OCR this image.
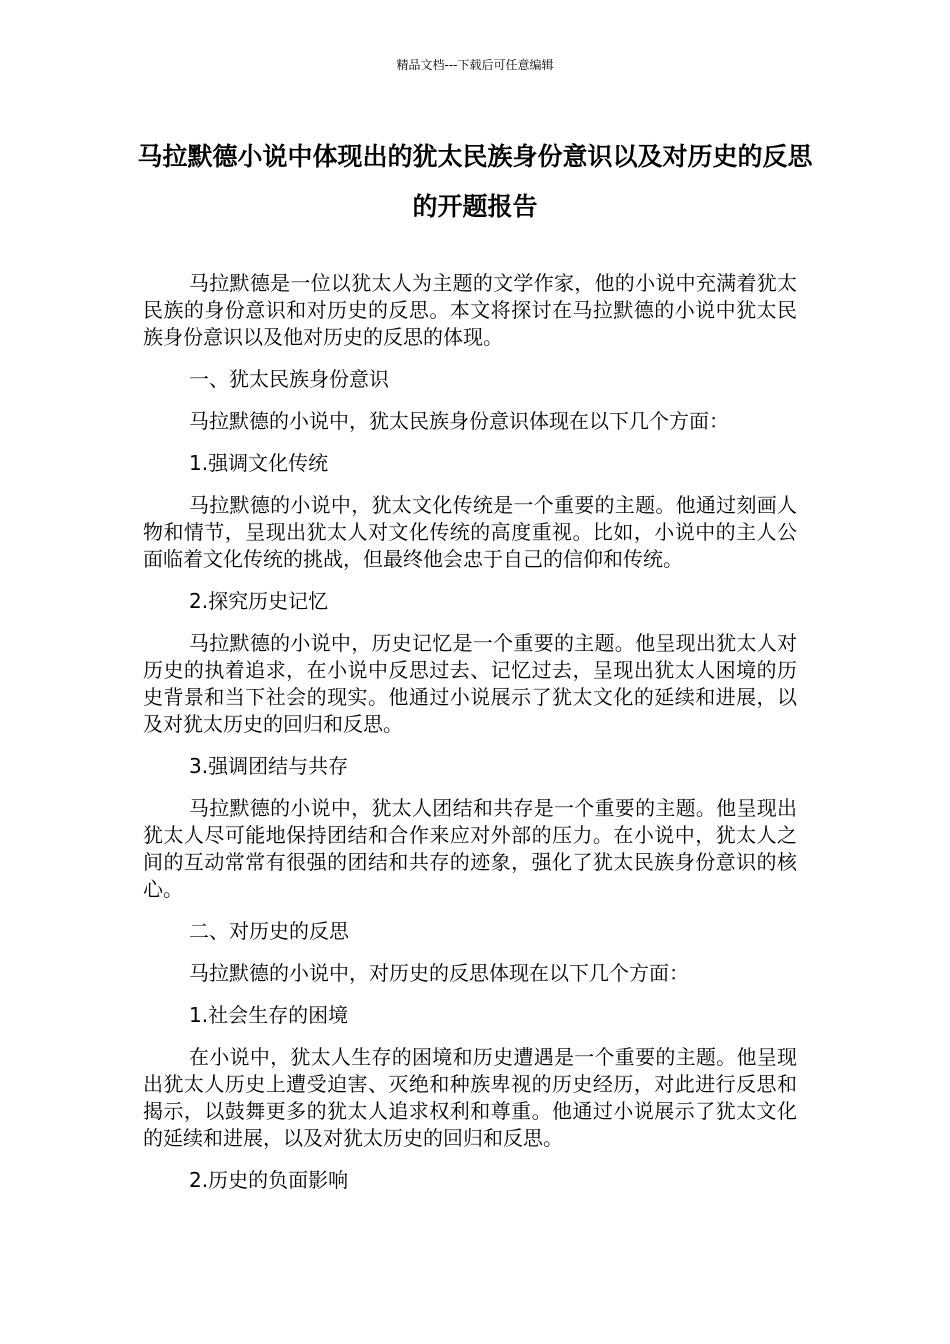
精品文档---下载后可任意编辑
马拉默德小说中体现出的犹太民族身份意识以及对历史的反思的开题报告

马拉默德是一位以犹太人为主题的文学作家，他的小说中充满着犹太民族的身份意识和对历史的反思。本文将探讨在马拉默德的小说中犹太民族身份意识以及他对历史的反思的体现。

一、犹太民族身份意识

马拉默德的小说中，犹太民族身份意识体现在以下几个方面：

1.强调文化传统

马拉默德的小说中，犹太文化传统是一个重要的主题。他通过刻画人物和情节，呈现出犹太人对文化传统的高度重视。比如，小说中的主人公面临着文化传统的挑战，但最终他会忠于自己的信仰和传统。

2.探究历史记忆

马拉默德的小说中，历史记忆是一个重要的主题。他呈现出犹太人对历史的执着追求，在小说中反思过去、记忆过去，呈现出犹太人困境的历史背景和当下社会的现实。他通过小说展示了犹太文化的延续和进展，以及对犹太历史的回归和反思。

3.强调团结与共存

马拉默德的小说中，犹太人团结和共存是一个重要的主题。他呈现出犹太人尽可能地保持团结和合作来应对外部的压力。在小说中，犹太人之间的互动常常有很强的团结和共存的迹象，强化了犹太民族身份意识的核心。

二、对历史的反思

马拉默德的小说中，对历史的反思体现在以下几个方面：

1.社会生存的困境

在小说中，犹太人生存的困境和历史遭遇是一个重要的主题。他呈现出犹太人历史上遭受迫害、灭绝和种族卑视的历史经历，对此进行反思和揭示，以鼓舞更多的犹太人追求权利和尊重。他通过小说展示了犹太文化的延续和进展，以及对犹太历史的回归和反思。

2.历史的负面影响
